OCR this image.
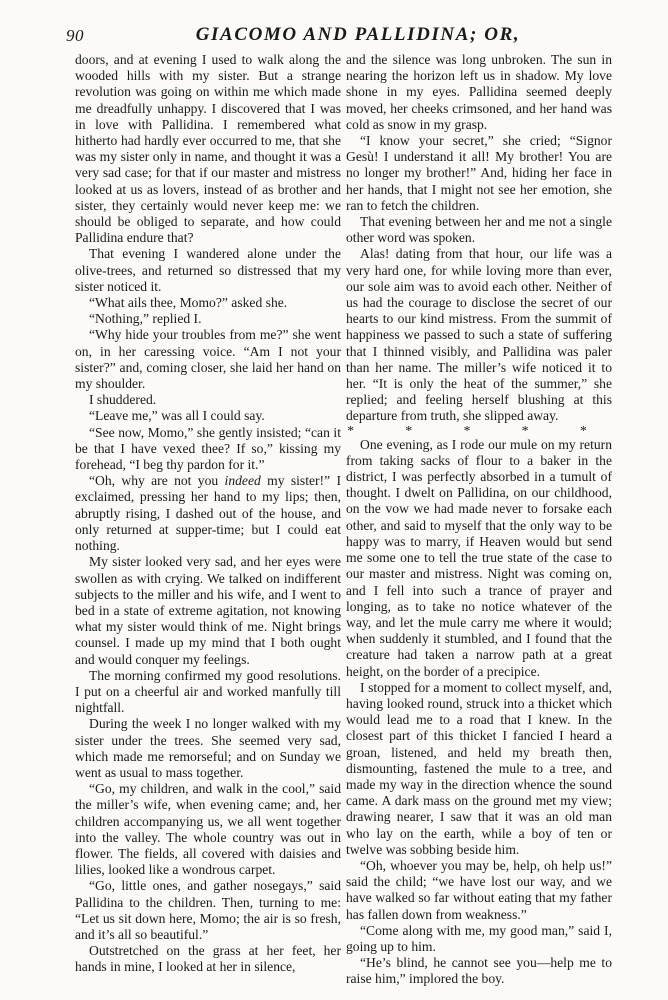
90	GIACOMO AND PALLIDINA; OR,

doors, and at evening I used to walk along the wooded hills with my sister. But a strange revolution was going on within me which made me dreadfully unhappy. I discovered that I was in love with Pallidina. I remembered what hitherto had hardly ever occurred to me, that she was my sister only in name, and thought it was a very sad case; for that if our master and mistress looked at us as lovers, instead of as brother and sister, they certainly would never keep me: we should be obliged to separate, and how could Pallidina endure that?

That evening I wandered alone under the olive-trees, and returned so distressed that my sister noticed it.

“What ails thee, Momo?” asked she.

“Nothing,” replied I.

“Why hide your troubles from me?” she went on, in her caressing voice. “Am I not your sister?” and, coming closer, she laid her hand on my shoulder.

I shuddered.

“Leave me,” was all I could say.

“See now, Momo,” she gently insisted; “can it be that I have vexed thee? If so,” kissing my forehead, “I beg thy pardon for it.”

“Oh, why are not you indeed my sister!” I exclaimed, pressing her hand to my lips; then, abruptly rising, I dashed out of the house, and only returned at supper-time; but I could eat nothing.

My sister looked very sad, and her eyes were swollen as with crying. We talked on indifferent subjects to the miller and his wife, and I went to bed in a state of extreme agitation, not knowing what my sister would think of me. Night brings counsel. I made up my mind that I both ought and would conquer my feelings.

The morning confirmed my good resolutions. I put on a cheerful air and worked manfully till nightfall.

During the week I no longer walked with my sister under the trees. She seemed very sad, which made me remorseful; and on Sunday we went as usual to mass together.

“Go, my children, and walk in the cool,” said the miller’s wife, when evening came; and, her children accompanying us, we all went together into the valley. The whole country was out in flower. The fields, all covered with daisies and lilies, looked like a wondrous carpet.

“Go, little ones, and gather nosegays,” said Pallidina to the children. Then, turning to me: “Let us sit down here, Momo; the air is so fresh, and it’s all so beautiful.”

Outstretched on the grass at her feet, her hands in mine, I looked at her in silence,

and the silence was long unbroken. The sun in nearing the horizon left us in shadow. My love shone in my eyes. Pallidina seemed deeply moved, her cheeks crimsoned, and her hand was cold as snow in my grasp.

“I know your secret,” she cried; “Signor Gesù! I understand it all! My brother! You are no longer my brother!” And, hiding her face in her hands, that I might not see her emotion, she ran to fetch the children.

That evening between her and me not a single other word was spoken.

Alas! dating from that hour, our life was a very hard one, for while loving more than ever, our sole aim was to avoid each other. Neither of us had the courage to disclose the secret of our hearts to our kind mistress. From the summit of happiness we passed to such a state of suffering that I thinned visibly, and Pallidina was paler than her name. The miller’s wife noticed it to her. “It is only the heat of the summer,” she replied; and feeling herself blushing at this departure from truth, she slipped away.

* * * * *

One evening, as I rode our mule on my return from taking sacks of flour to a baker in the district, I was perfectly absorbed in a tumult of thought. I dwelt on Pallidina, on our childhood, on the vow we had made never to forsake each other, and said to myself that the only way to be happy was to marry, if Heaven would but send me some one to tell the true state of the case to our master and mistress. Night was coming on, and I fell into such a trance of prayer and longing, as to take no notice whatever of the way, and let the mule carry me where it would; when suddenly it stumbled, and I found that the creature had taken a narrow path at a great height, on the border of a precipice.

I stopped for a moment to collect myself, and, having looked round, struck into a thicket which would lead me to a road that I knew. In the closest part of this thicket I fancied I heard a groan, listened, and held my breath then, dismounting, fastened the mule to a tree, and made my way in the direction whence the sound came. A dark mass on the ground met my view; drawing nearer, I saw that it was an old man who lay on the earth, while a boy of ten or twelve was sobbing beside him.

“Oh, whoever you may be, help, oh help us!” said the child; “we have lost our way, and we have walked so far without eating that my father has fallen down from weakness.”

“Come along with me, my good man,” said I, going up to him.

“He’s blind, he cannot see you—help me to raise him,” implored the boy.
